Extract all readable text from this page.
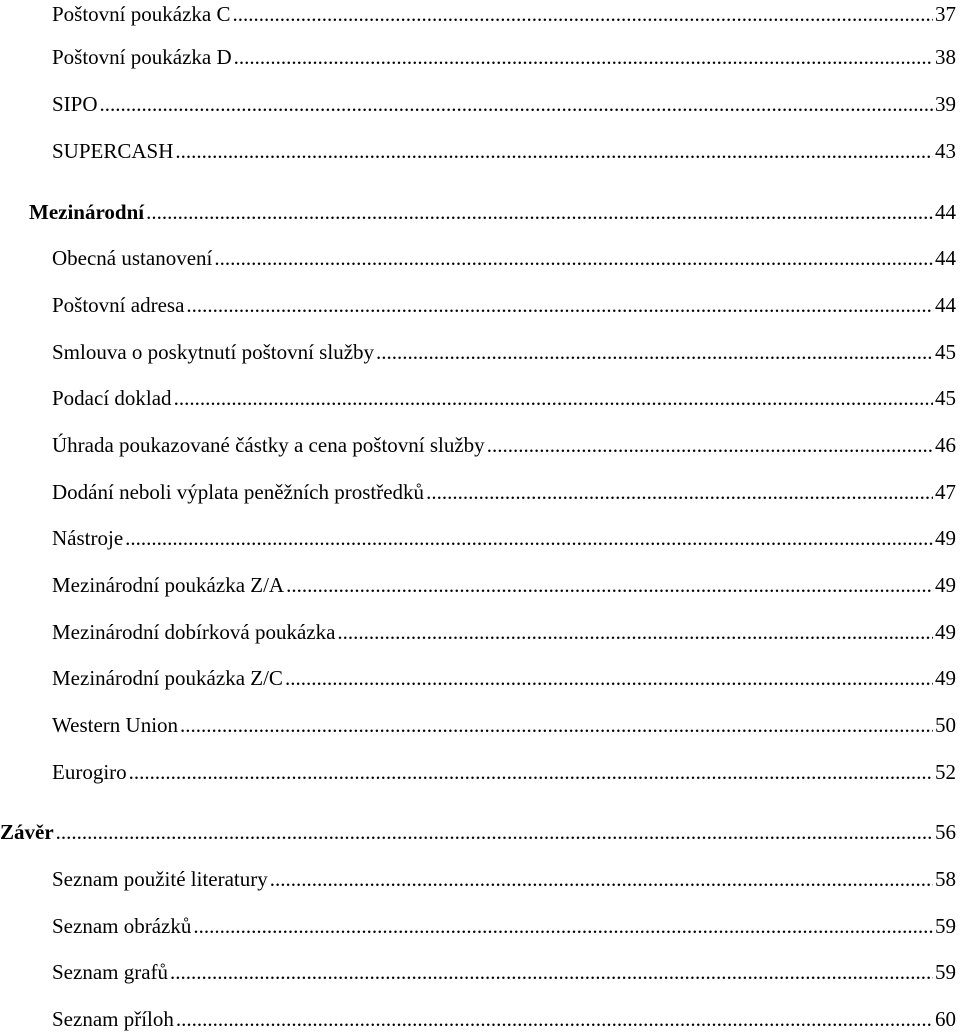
Poštovní poukázka C .....	37
Poštovní poukázka D .....	38
SIPO .....	39
SUPERCASH .....	43
Mezinárodní .....	44
Obecná ustanovení .....	44
Poštovní adresa .....	44
Smlouva o poskytnutí poštovní služby .....	45
Podací doklad .....	45
Úhrada poukazované částky a cena poštovní služby .....	46
Dodání neboli výplata peněžních prostředků .....	47
Nástroje .....	49
Mezinárodní poukázka Z/A .....	49
Mezinárodní dobírková poukázka .....	49
Mezinárodní poukázka Z/C .....	49
Western Union .....	50
Eurogiro .....	52
Závěr .....	56
Seznam použité literatury .....	58
Seznam obrázků .....	59
Seznam grafů .....	59
Seznam příloh .....	60
